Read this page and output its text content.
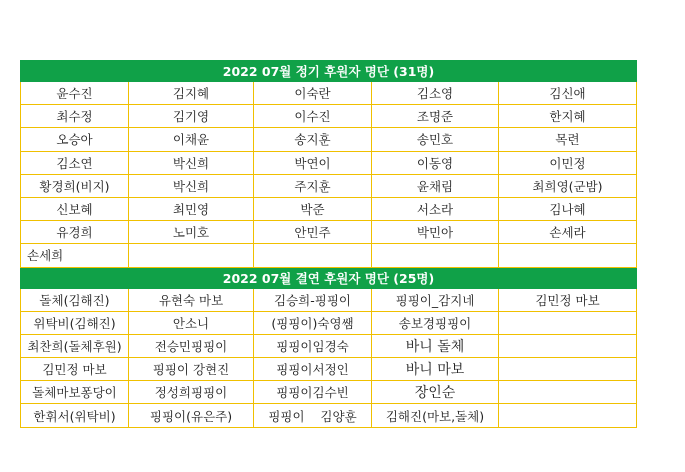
2022 07월 정기 후원자 명단 (31명)				
윤수진	김지혜	이숙란	김소영	김신애
최수정	김기영	이수진	조명준	한지혜
오승아	이채윤	송지훈	송민호	목련
김소연	박신희	박연이	이동영	이민정
황경희(비지)	박신희	주지훈	윤채림	최희영(군밤)
신보혜	최민영	박준	서소라	김나혜
유경희	노미호	안민주	박민아	손세라
손세희				
2022 07월 결연 후원자 명단 (25명)				
돌체(김해진)	유현숙 마보	김승희-핑핑이	핑핑이_감지네	김민정 마보
위탁비(김해진)	안소니	(핑핑이)숙영쌤	송보경핑핑이	
최찬희(돌체후원)	전승민핑핑이	핑핑이임경숙	바니 돌체	
김민정 마보	핑핑이 강현진	핑핑이서정인	바니 마보	
돌체마보퐁당이	정성희핑핑이	핑핑이김수빈	장인순	
한휘서(위탁비)	핑핑이(유은주)	핑핑이    김양훈	김해진(마보,돌체)	
